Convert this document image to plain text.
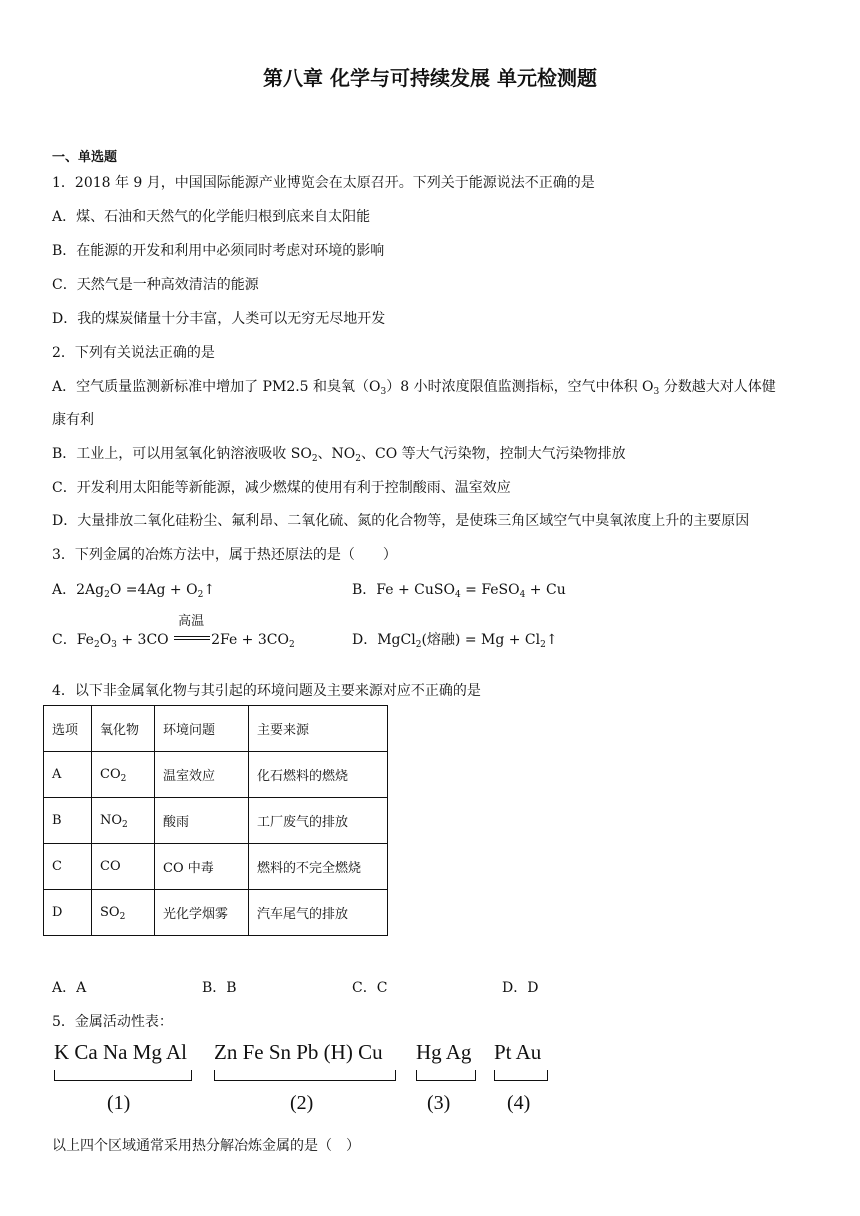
第八章 化学与可持续发展 单元检测题
一、单选题
1．2018 年 9 月，中国国际能源产业博览会在太原召开。下列关于能源说法不正确的是
A．煤、石油和天然气的化学能归根到底来自太阳能
B．在能源的开发和利用中必须同时考虑对环境的影响
C．天然气是一种高效清洁的能源
D．我的煤炭储量十分丰富，人类可以无穷无尽地开发
2．下列有关说法正确的是
A．空气质量监测新标准中增加了 PM2.5 和臭氧$(O_3)8$ 小时浓度限值监测指标，空气中体积 $O_3$ 分数越大对人体健
康有利
B．工业上，可以用氢氧化钠溶液吸收 $SO_2$、$NO_2$、CO 等大气污染物，控制大气污染物排放
C．开发利用太阳能等新能源，减少燃煤的使用有利于控制酸雨、温室效应
D．大量排放二氧化硅粉尘、氟利昂、二氧化硫、氮的化合物等，是使珠三角区域空气中臭氧浓度上升的主要原因
3．下列金属的冶炼方法中，属于热还原法的是（　　）
A．$2Ag_2O =4Ag$ + $O_2↑$	B．Fe + CuSO$_4$ = FeSO$_4$ + Cu
C．$Fe_2O_3 + 3CO$
高温
$2Fe + 3CO_2$	D．MgCl$_2$(熔融) = $Mg + Cl_2↑$
4．以下非金属氧化物与其引起的环境问题及主要来源对应不正确的是
选项	氧化物	环境问题	主要来源
A	$CO_2$	温室效应	化石燃料的燃烧
B	$NO_2$	酸雨	工厂废气的排放
C	CO	CO 中毒	燃料的不完全燃烧
D	$SO_2$	光化学烟雾	汽车尾气的排放
A．A	B．B	C．C	D．D
5．金属活动性表：
K Ca Na Mg Al Zn Fe Sn Pb (H) Cu Hg Ag Pt Au
(1)	(2)	(3)	(4)
以上四个区域通常采用热分解冶炼金属的是（　）
